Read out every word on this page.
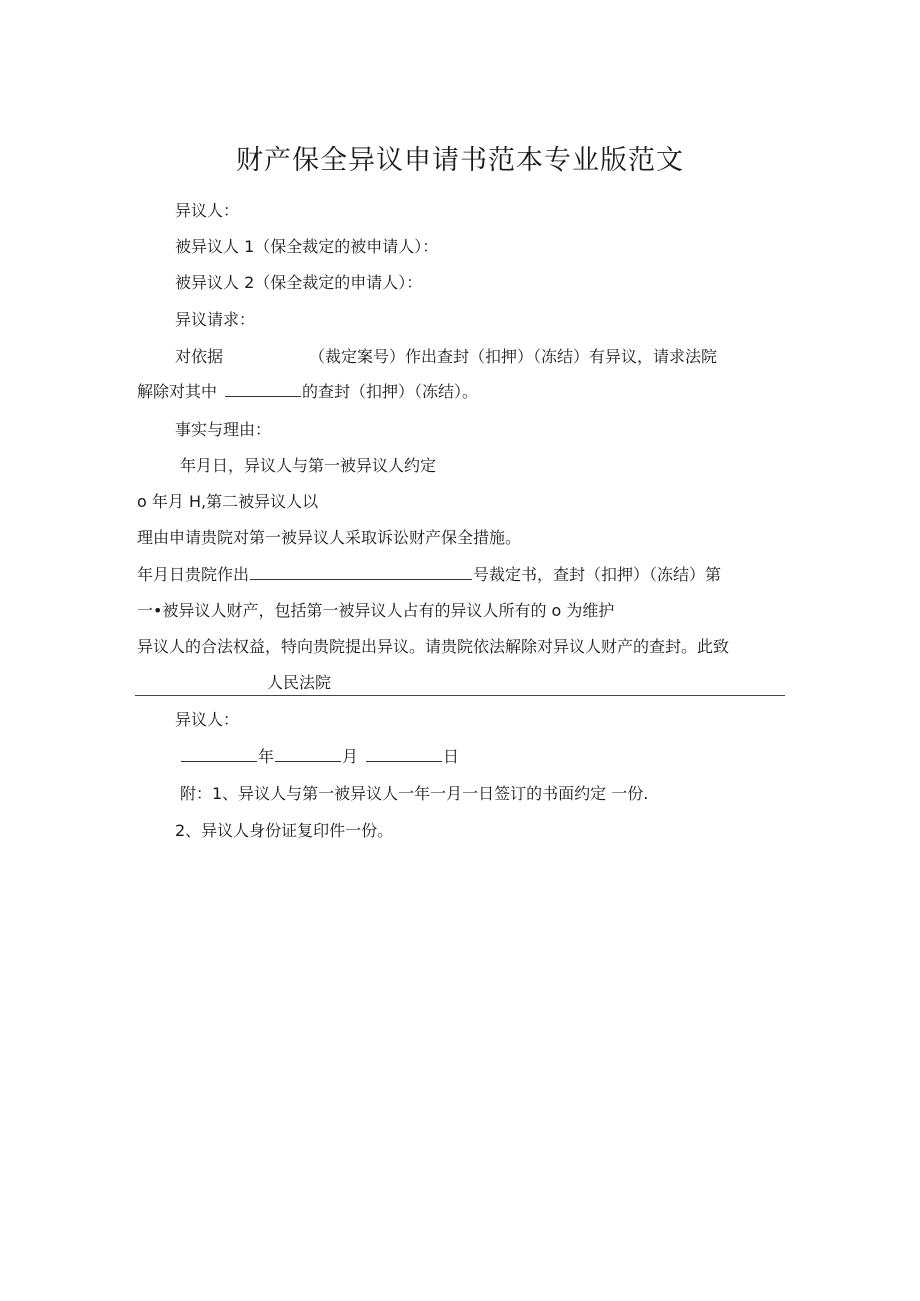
财产保全异议申请书范本专业版范文
异议人：
被异议人 1（保全裁定的被申请人）：
被异议人 2（保全裁定的申请人）：
异议请求：
对依据	（裁定案号）作出查封（扣押）（冻结）有异议，请求法院
解除对其中	的查封（扣押）（冻结）。
事实与理由：
年月日，异议人与第一被异议人约定
o 年月 H,第二被异议人以
理由申请贵院对第一被异议人采取诉讼财产保全措施。
年月日贵院作出	号裁定书，查封（扣押）（冻结）第
一•被异议人财产，包括第一被异议人占有的异议人所有的 o 为维护
异议人的合法权益，特向贵院提出异议。请贵院依法解除对异议人财产的查封。此致
人民法院
异议人：
年	月	日
附：1、异议人与第一被异议人一年一月一日签订的书面约定 一份.
2、异议人身份证复印件一份。
